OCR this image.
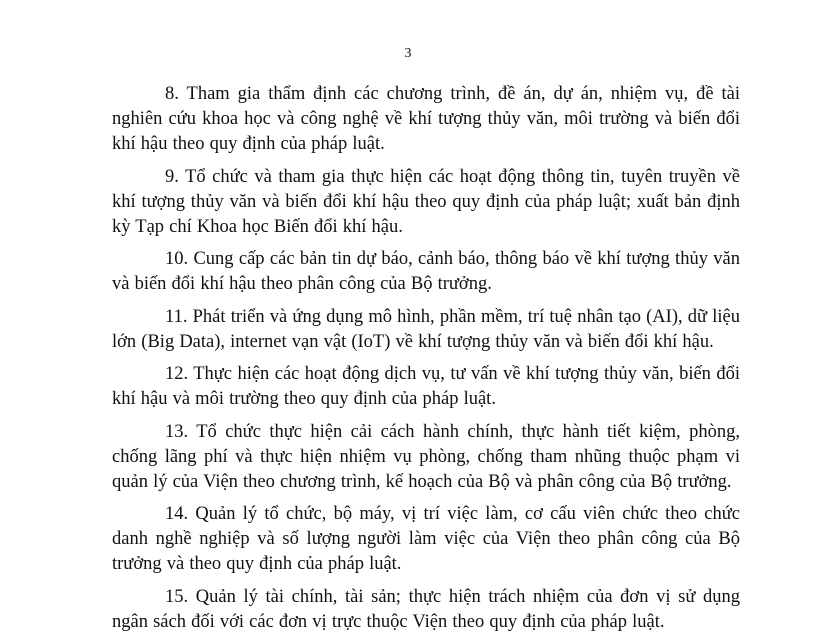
3

8. Tham gia thẩm định các chương trình, đề án, dự án, nhiệm vụ, đề tài nghiên cứu khoa học và công nghệ về khí tượng thủy văn, môi trường và biến đổi khí hậu theo quy định của pháp luật.

9. Tổ chức và tham gia thực hiện các hoạt động thông tin, tuyên truyền về khí tượng thủy văn và biến đổi khí hậu theo quy định của pháp luật; xuất bản định kỳ Tạp chí Khoa học Biến đổi khí hậu.

10. Cung cấp các bản tin dự báo, cảnh báo, thông báo về khí tượng thủy văn và biến đổi khí hậu theo phân công của Bộ trưởng.

11. Phát triển và ứng dụng mô hình, phần mềm, trí tuệ nhân tạo (AI), dữ liệu lớn (Big Data), internet vạn vật (IoT) về khí tượng thủy văn và biến đổi khí hậu.

12. Thực hiện các hoạt động dịch vụ, tư vấn về khí tượng thủy văn, biến đổi khí hậu và môi trường theo quy định của pháp luật.

13. Tổ chức thực hiện cải cách hành chính, thực hành tiết kiệm, phòng, chống lãng phí và thực hiện nhiệm vụ phòng, chống tham nhũng thuộc phạm vi quản lý của Viện theo chương trình, kế hoạch của Bộ và phân công của Bộ trưởng.

14. Quản lý tổ chức, bộ máy, vị trí việc làm, cơ cấu viên chức theo chức danh nghề nghiệp và số lượng người làm việc của Viện theo phân công của Bộ trưởng và theo quy định của pháp luật.

15. Quản lý tài chính, tài sản; thực hiện trách nhiệm của đơn vị sử dụng ngân sách đối với các đơn vị trực thuộc Viện theo quy định của pháp luật.
